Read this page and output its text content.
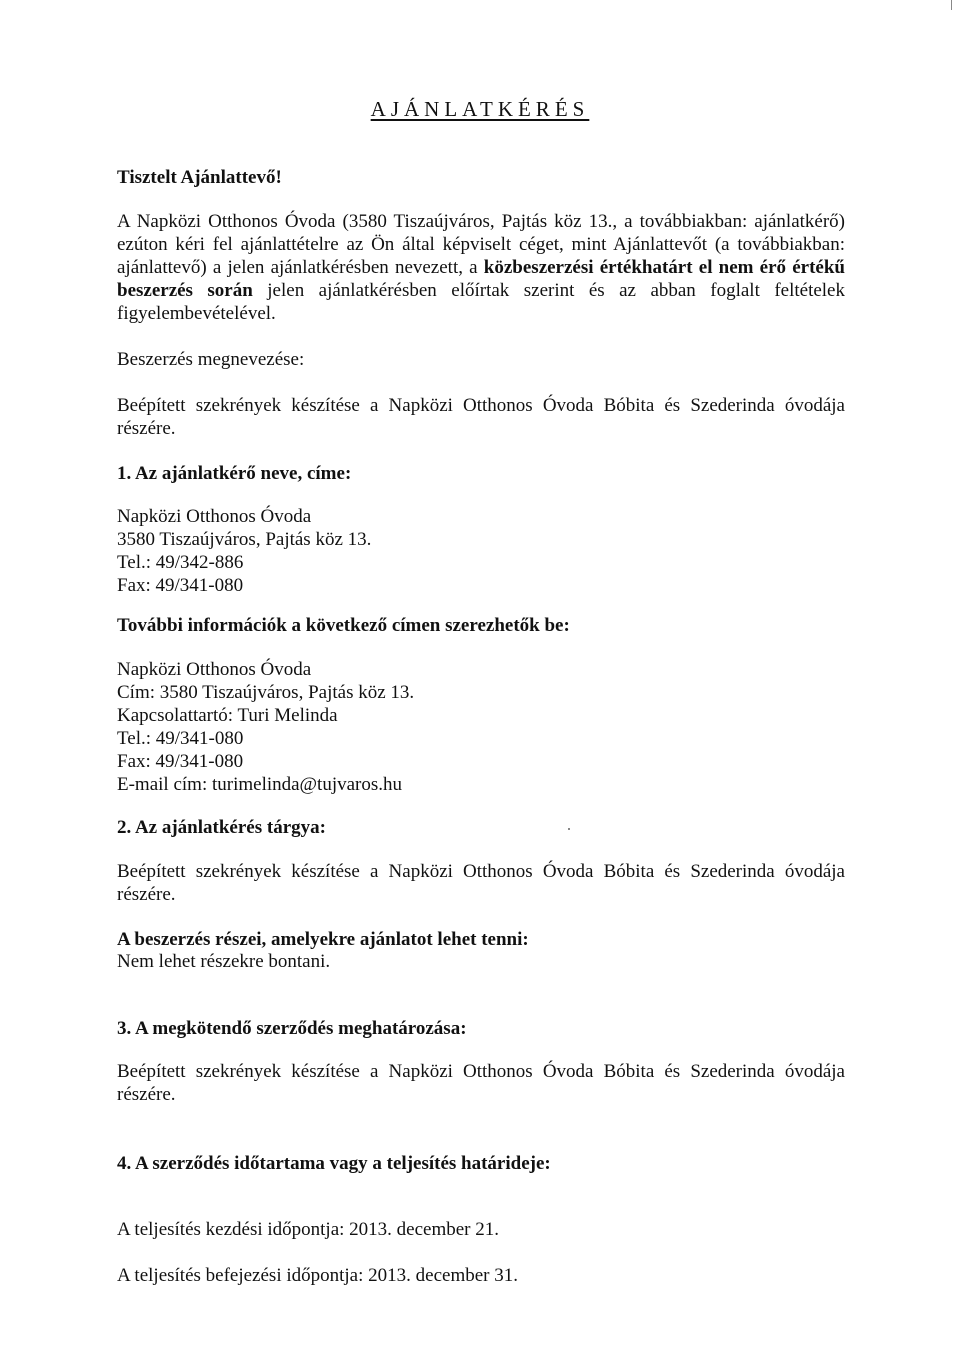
AJÁNLATKÉRÉS
Tisztelt Ajánlattevő!

A Napközi Otthonos Óvoda (3580 Tiszaújváros, Pajtás köz 13., a továbbiakban: ajánlatkérő) ezúton kéri fel ajánlattételre az Ön által képviselt céget, mint Ajánlattevőt (a továbbiakban: ajánlattevő) a jelen ajánlatkérésben nevezett, a közbeszerzési értékhatárt el nem érő értékű beszerzés során jelen ajánlatkérésben előírtak szerint és az abban foglalt feltételek figyelembevételével.

Beszerzés megnevezése:

Beépített szekrények készítése a Napközi Otthonos Óvoda Bóbita és Szederinda óvodája részére.

1. Az ajánlatkérő neve, címe:
Napközi Otthonos Óvoda
3580 Tiszaújváros, Pajtás köz 13.
Tel.: 49/342-886
Fax: 49/341-080
További információk a következő címen szerezhetők be:
Napközi Otthonos Óvoda
Cím: 3580 Tiszaújváros, Pajtás köz 13.
Kapcsolattartó: Turi Melinda
Tel.: 49/341-080
Fax: 49/341-080
E-mail cím: turimelinda@tujvaros.hu
2. Az ajánlatkérés tárgya:

Beépített szekrények készítése a Napközi Otthonos Óvoda Bóbita és Szederinda óvodája részére.

A beszerzés részei, amelyekre ajánlatot lehet tenni:
Nem lehet részekre bontani.
3. A megkötendő szerződés meghatározása:

Beépített szekrények készítése a Napközi Otthonos Óvoda Bóbita és Szederinda óvodája részére.

4. A szerződés időtartama vagy a teljesítés határideje:
A teljesítés kezdési időpontja: 2013. december 21.
A teljesítés befejezési időpontja: 2013. december 31.
